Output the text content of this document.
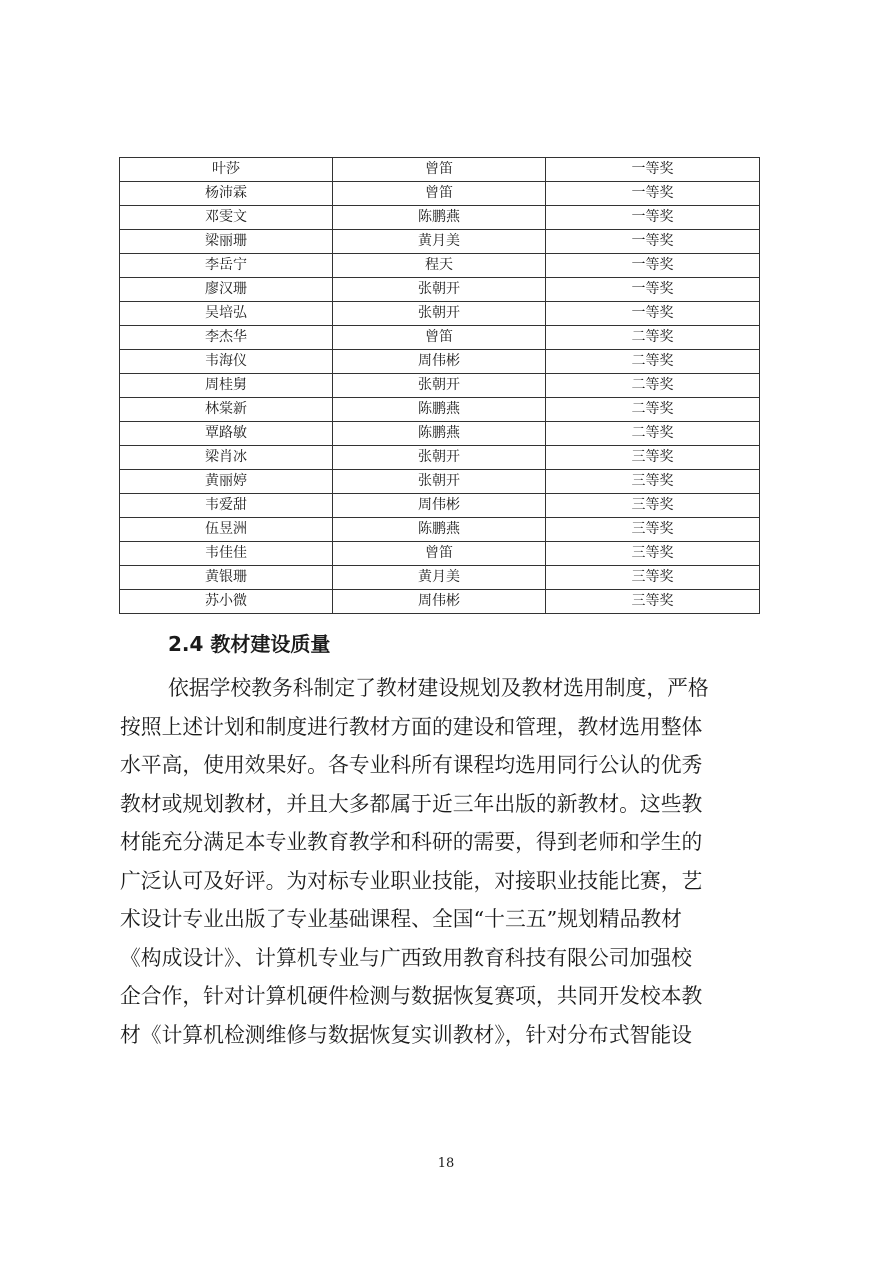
叶莎	曾笛	一等奖
杨沛霖	曾笛	一等奖
邓雯文	陈鹏燕	一等奖
梁丽珊	黄月美	一等奖
李岳宁	程天	一等奖
廖汉珊	张朝开	一等奖
吴培弘	张朝开	一等奖
李杰华	曾笛	二等奖
韦海仪	周伟彬	二等奖
周桂舅	张朝开	二等奖
林棠新	陈鹏燕	二等奖
覃路敏	陈鹏燕	二等奖
梁肖冰	张朝开	三等奖
黄丽婷	张朝开	三等奖
韦爱甜	周伟彬	三等奖
伍昱洲	陈鹏燕	三等奖
韦佳佳	曾笛	三等奖
黄银珊	黄月美	三等奖
苏小微	周伟彬	三等奖
2.4 教材建设质量
依据学校教务科制定了教材建设规划及教材选用制度，严格
按照上述计划和制度进行教材方面的建设和管理，教材选用整体
水平高，使用效果好。各专业科所有课程均选用同行公认的优秀
教材或规划教材，并且大多都属于近三年出版的新教材。这些教
材能充分满足本专业教育教学和科研的需要，得到老师和学生的
广泛认可及好评。为对标专业职业技能，对接职业技能比赛，艺
术设计专业出版了专业基础课程、全国“十三五”规划精品教材
《构成设计》、计算机专业与广西致用教育科技有限公司加强校
企合作，针对计算机硬件检测与数据恢复赛项，共同开发校本教
材《计算机检测维修与数据恢复实训教材》，针对分布式智能设
18
